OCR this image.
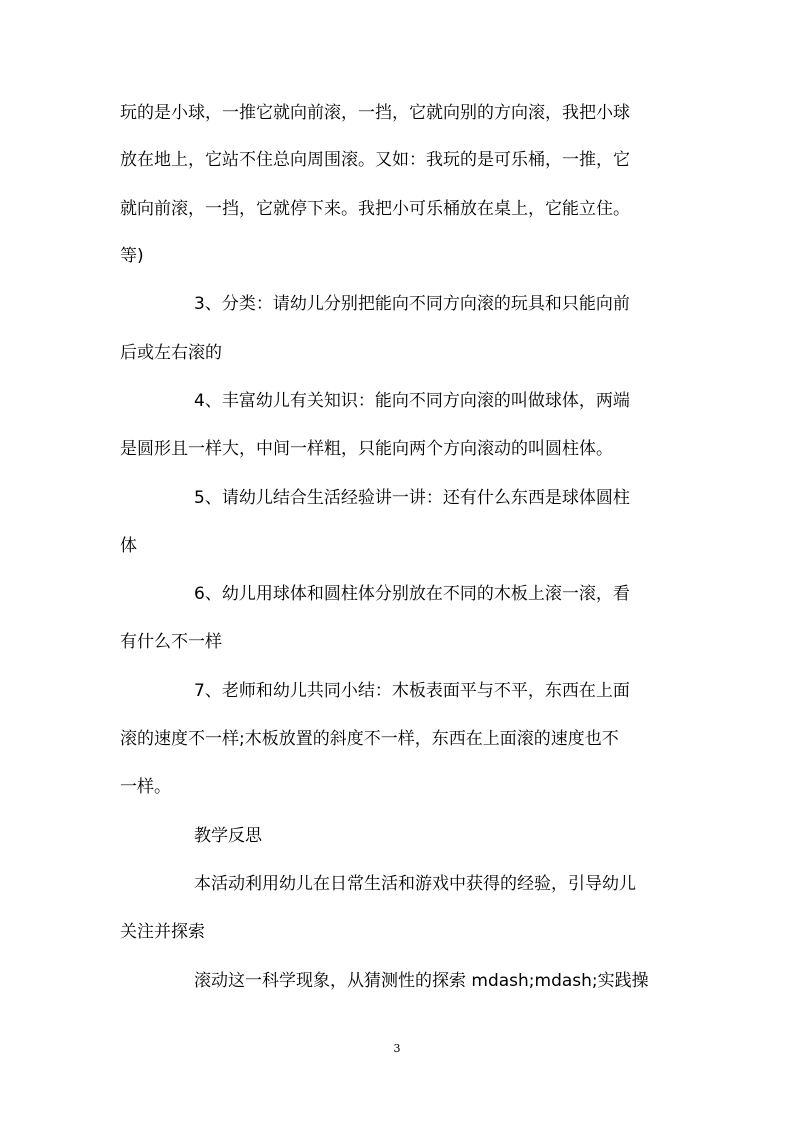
玩的是小球，一推它就向前滚，一挡，它就向别的方向滚，我把小球

放在地上，它站不住总向周围滚。又如：我玩的是可乐桶，一推，它

就向前滚，一挡，它就停下来。我把小可乐桶放在桌上，它能立住。

等)

3、分类：请幼儿分别把能向不同方向滚的玩具和只能向前

后或左右滚的

4、丰富幼儿有关知识：能向不同方向滚的叫做球体，两端

是圆形且一样大，中间一样粗，只能向两个方向滚动的叫圆柱体。

5、请幼儿结合生活经验讲一讲：还有什么东西是球体圆柱

体

6、幼儿用球体和圆柱体分别放在不同的木板上滚一滚，看

有什么不一样

7、老师和幼儿共同小结：木板表面平与不平，东西在上面

滚的速度不一样;木板放置的斜度不一样，东西在上面滚的速度也不

一样。

教学反思

本活动利用幼儿在日常生活和游戏中获得的经验，引导幼儿

关注并探索

滚动这一科学现象，从猜测性的探索 mdash;mdash;实践操

3
